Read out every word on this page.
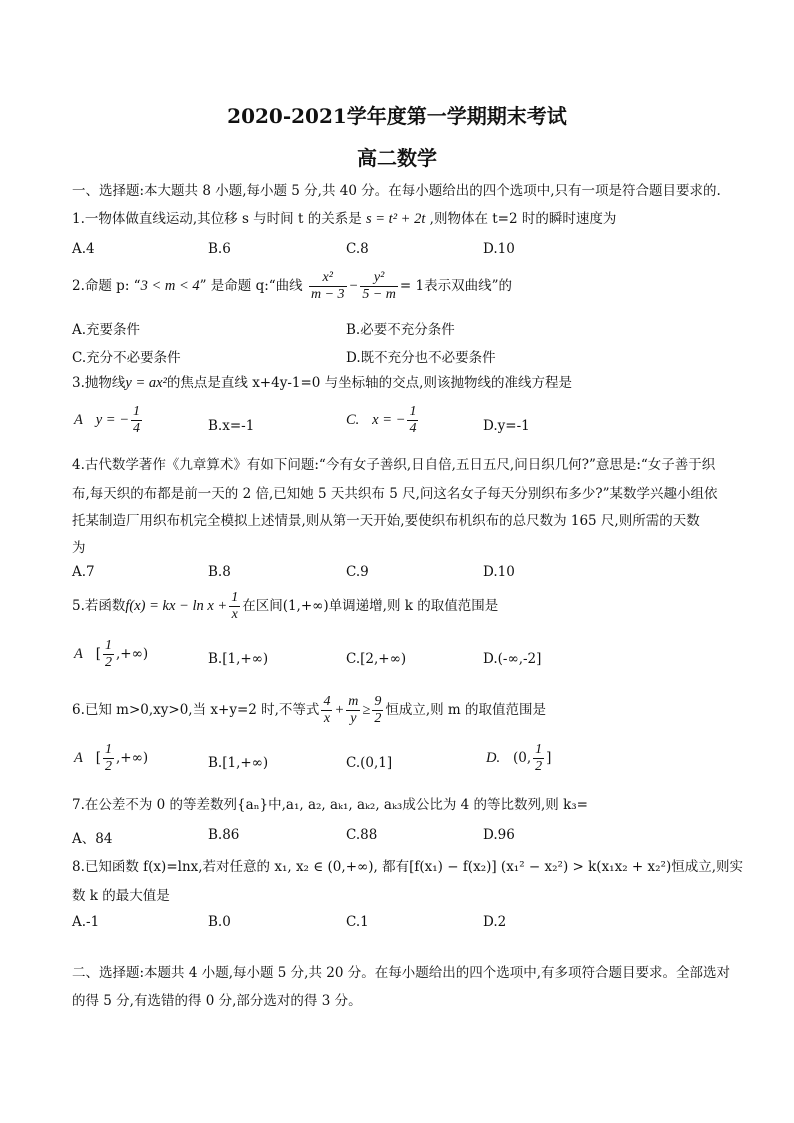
2020-2021学年度第一学期期末考试
高二数学
一、选择题:本大题共 8 小题,每小题 5 分,共 40 分。在每小题给出的四个选项中,只有一项是符合题目要求的.
1.一物体做直线运动,其位移 s 与时间 t 的关系是 s = t² + 2t ,则物体在 t=2 时的瞬时速度为
A.4	B.6	C.8	D.10
2.命题 p: “3 < m < 4” 是命题 q:“曲线 $\frac{\text{x²}}{m - 3} - \frac{\text{y²}}{5 - m} = 1$表示双曲线”的
A.充要条件	B.必要不充分条件
C.充分不必要条件	D.既不充分也不必要条件
3.抛物线y = ax²的焦点是直线 x+4y-1=0 与坐标轴的交点,则该抛物线的准线方程是
A y = − $\frac{1}{4}$	B.x=-1	C. x = − $\frac{1}{4}$	D.y=-1
4.古代数学著作《九章算术》有如下问题:“今有女子善织,日自倍,五日五尺,问日织几何?”意思是:“女子善于织
布,每天织的布都是前一天的 2 倍,已知她 5 天共织布 5 尺,问这名女子每天分别织布多少?”某数学兴趣小组依
托某制造厂用织布机完全模拟上述情景,则从第一天开始,要使织布机织布的总尺数为 165 尺,则所需的天数
为
A.7	B.8	C.9	D.10
5.若函数f(x) = kx − $\ln x + \frac{1}{x}$ 在区间(1,+∞)单调递增,则 k 的取值范围是
A [ $\frac{1}{2}$ ,+∞)	B.[1,+∞)	C.[2,+∞)	D.(-∞,-2]
6.已知 m>0,xy>0,当 x+y=2 时,不等式 $\frac{4}{x} + \frac{m}{y} \ge \frac{9}{2}$ 恒成立,则 m 的取值范围是
A [ $\frac{1}{2}$ ,+∞)	B.[1,+∞)	C.(0,1]	D. (0, $\frac{1}{2}$ ]
7.在公差不为 0 的等差数列{aₙ}中,a₁, a₂, aₖ₁, aₖ₂, aₖ₃成公比为 4 的等比数列,则 k₃=
A、84	B.86	C.88	D.96
8.已知函数 f(x)=lnx,若对任意的 x₁, x₂ ∈ (0,+∞), 都有[f(x₁) − f(x₂)] (x₁² − x₂²) > k(x₁x₂ + x₂²)恒成立,则实
数 k 的最大值是
A.-1	B.0	C.1	D.2
二、选择题:本题共 4 小题,每小题 5 分,共 20 分。在每小题给出的四个选项中,有多项符合题目要求。全部选对
的得 5 分,有选错的得 0 分,部分选对的得 3 分。
